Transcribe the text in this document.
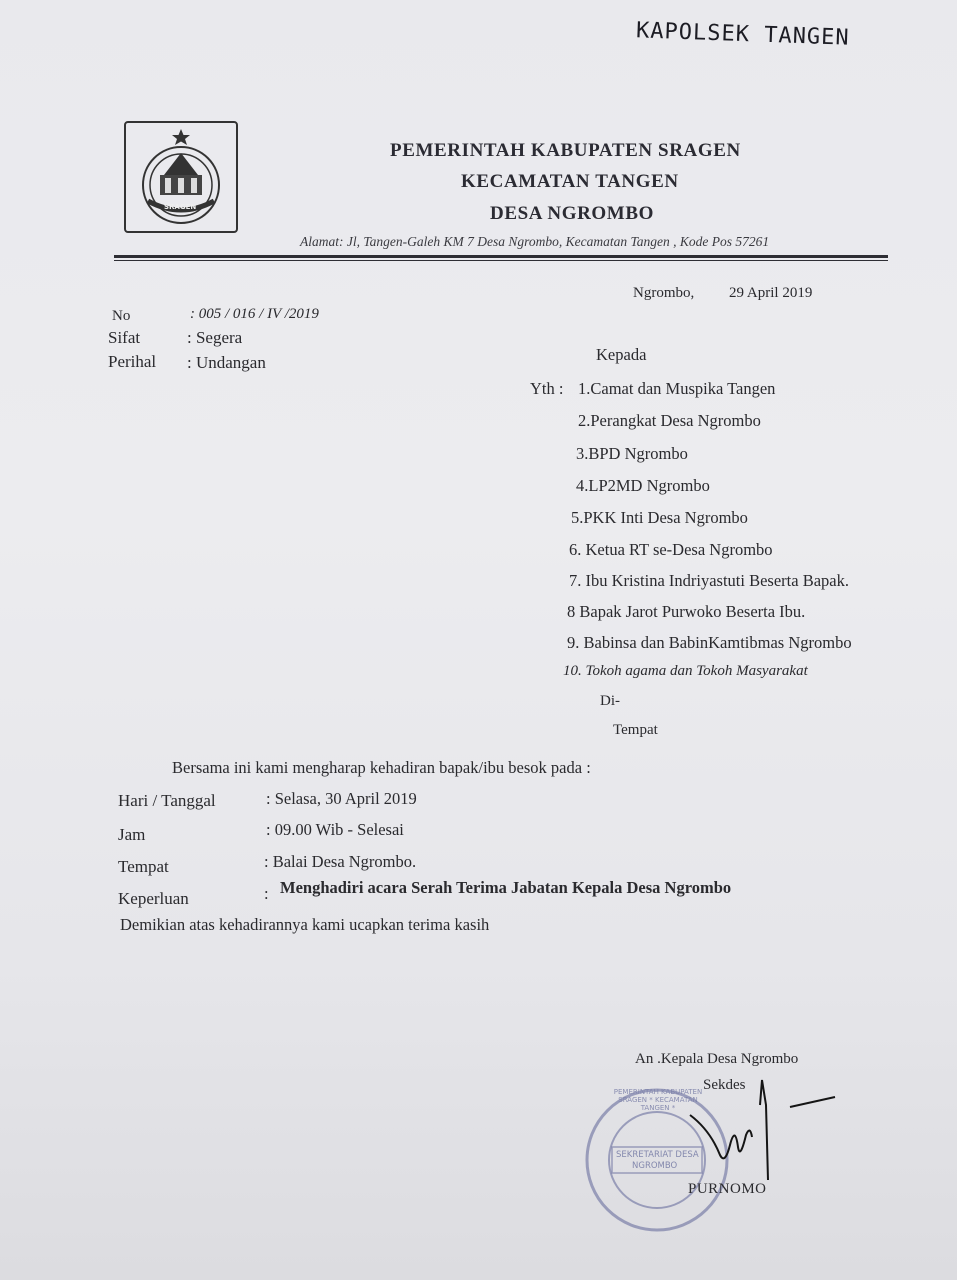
KAPOLSEK TANGEN
SRAGEN
PEMERINTAH KABUPATEN SRAGEN
KECAMATAN TANGEN
DESA NGROMBO
Alamat: Jl, Tangen-Galeh KM 7 Desa Ngrombo, Kecamatan Tangen , Kode Pos 57261
Ngrombo, 29 April 2019
No	: 005 / 016 / IV /2019
Sifat	: Segera
Perihal : Undangan	Kepada
Yth : 1.Camat dan Muspika Tangen
2.Perangkat Desa Ngrombo
3.BPD Ngrombo
4.LP2MD Ngrombo
5.PKK Inti Desa Ngrombo
6. Ketua RT se-Desa Ngrombo
7. Ibu Kristina Indriyastuti Beserta Bapak.
8 Bapak Jarot Purwoko Beserta Ibu.
9. Babinsa dan BabinKamtibmas Ngrombo
10. Tokoh agama dan Tokoh Masyarakat
Di-
Tempat
Bersama ini kami mengharap kehadiran bapak/ibu besok pada :
Hari / Tanggal	: Selasa, 30 April 2019
Jam	: 09.00 Wib - Selesai
Tempat	: Balai Desa Ngrombo.
Keperluan	: Menghadiri acara Serah Terima Jabatan Kepala Desa Ngrombo
Demikian atas kehadirannya kami ucapkan terima kasih
PEMERINTAH KABUPATEN SRAGEN * KECAMATAN TANGEN *
SEKRETARIAT DESA
NGROMBO
An .Kepala Desa Ngrombo
Sekdes
PURNOMO
